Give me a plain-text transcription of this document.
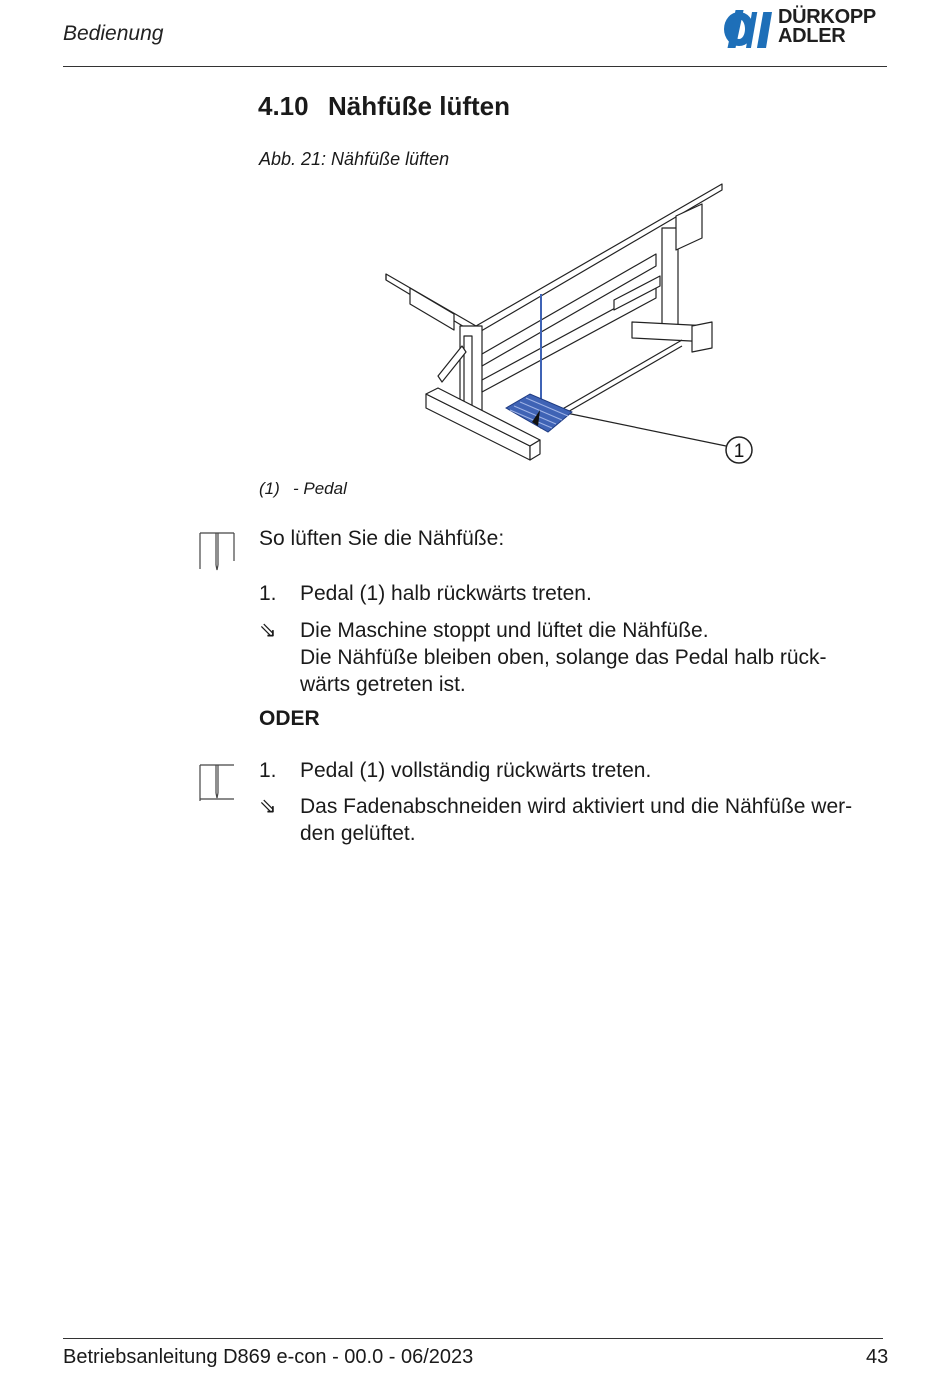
Bedienung
DÜRKOPP
ADLER
4.10 Nähfüße lüften
Abb. 21: Nähfüße lüften
1
(1) - Pedal
So lüften Sie die Nähfüße:
1. Pedal (1) halb rückwärts treten.
⇘ Die Maschine stoppt und lüftet die Nähfüße.
Die Nähfüße bleiben oben, solange das Pedal halb rück-
wärts getreten ist.
ODER
1. Pedal (1) vollständig rückwärts treten.
⇘ Das Fadenabschneiden wird aktiviert und die Nähfüße wer-
den gelüftet.
Betriebsanleitung D869 e-con - 00.0 - 06/2023	43
